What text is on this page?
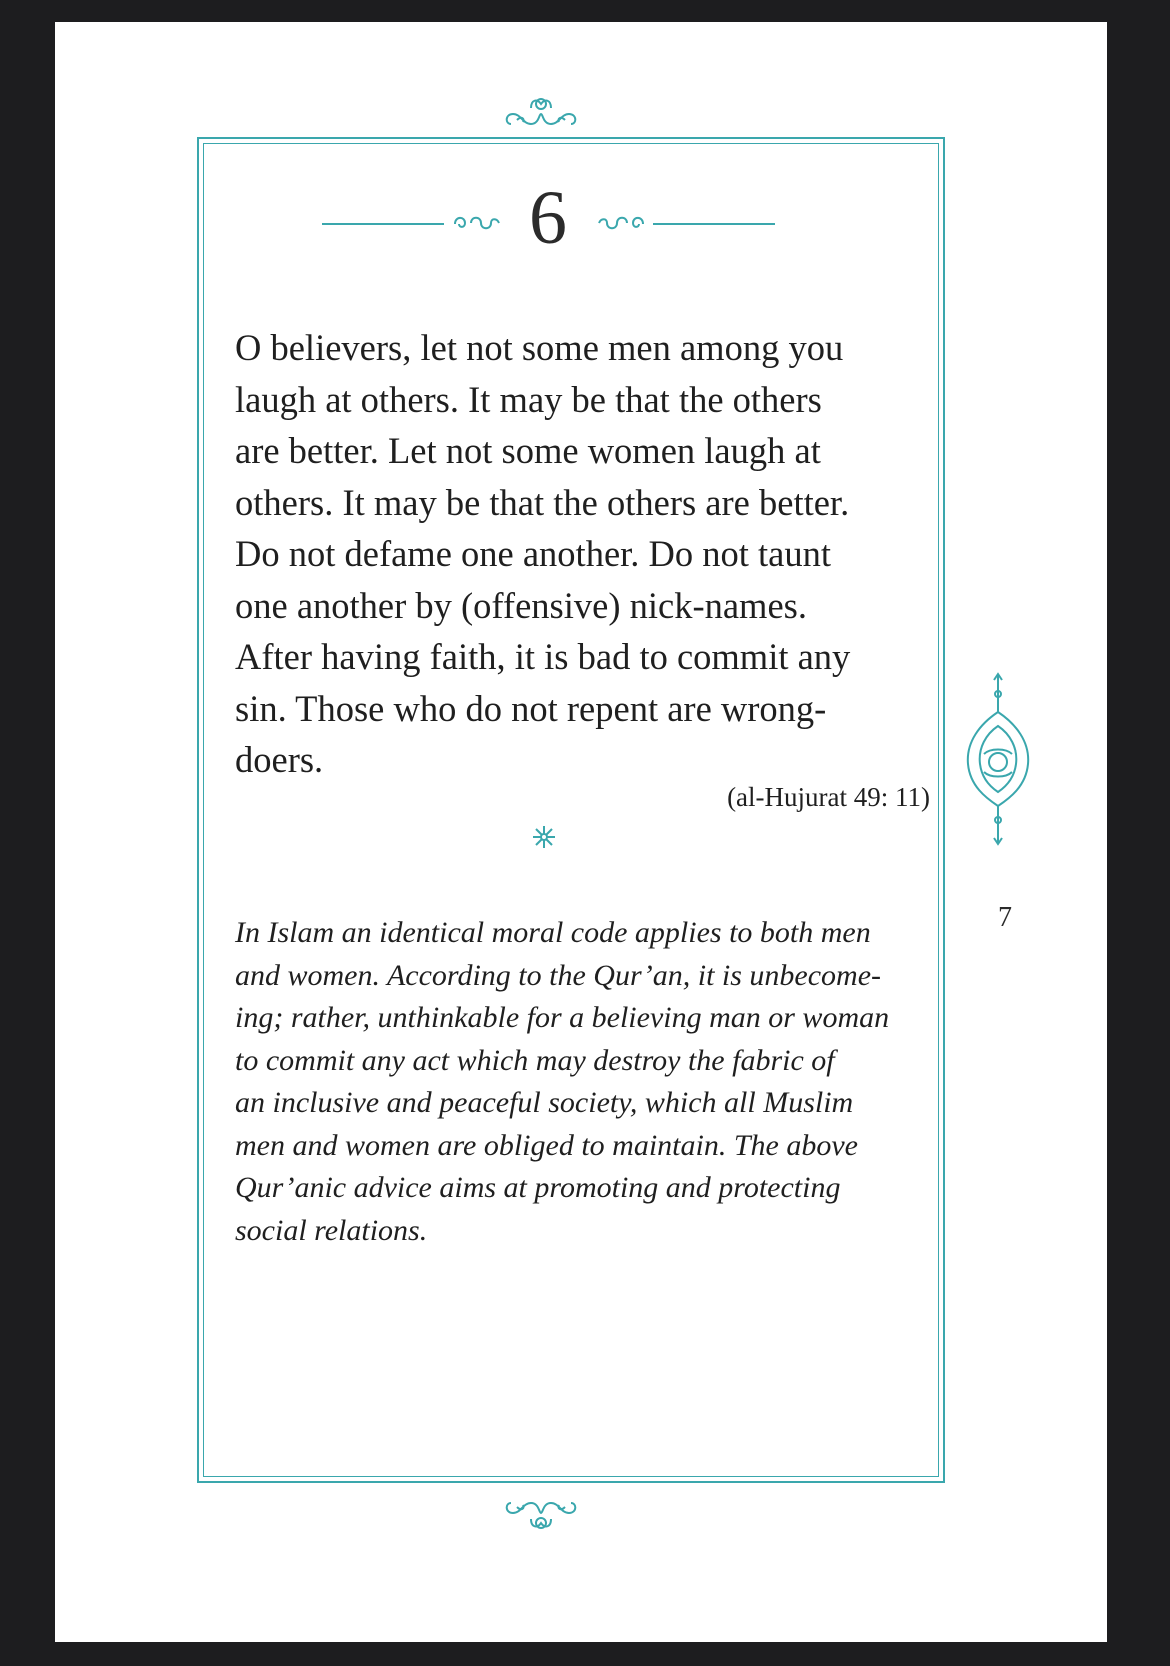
6

O believers, let not some men among you
laugh at others. It may be that the others
are better. Let not some women laugh at
others. It may be that the others are better.
Do not defame one another. Do not taunt
one another by (offensive) nick-names.
After having faith, it is bad to commit any
sin. Those who do not repent are wrong-
doers.

(al-Hujurat 49: 11)

In Islam an identical moral code applies to both men
and women. According to the Qur’an, it is unbecome-
ing; rather, unthinkable for a believing man or woman
to commit any act which may destroy the fabric of
an inclusive and peaceful society, which all Muslim
men and women are obliged to maintain. The above
Qur’anic advice aims at promoting and protecting
social relations.

7
